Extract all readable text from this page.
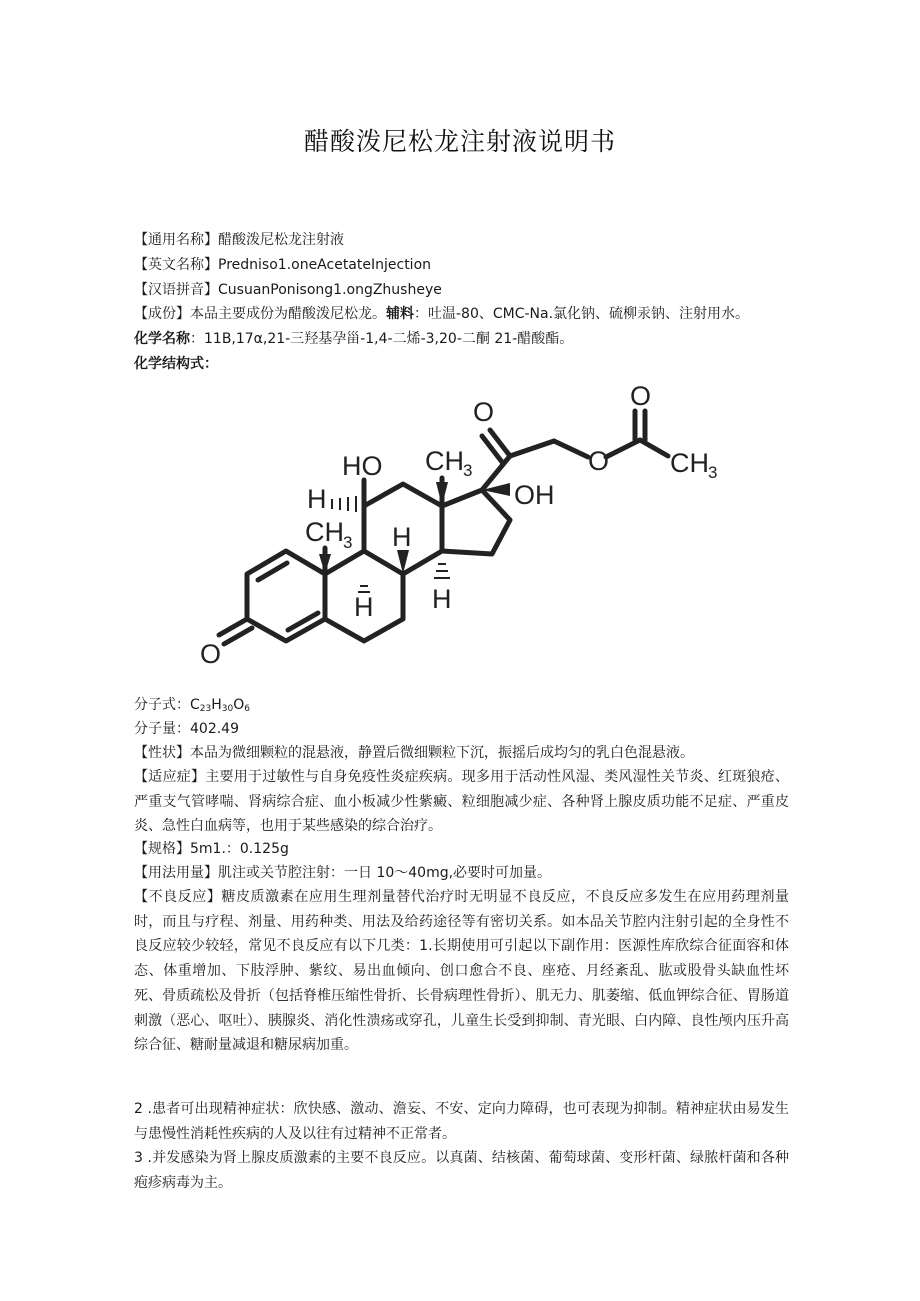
醋酸泼尼松龙注射液说明书
【通用名称】醋酸泼尼松龙注射液
【英文名称】Predniso1.oneAcetateInjection
【汉语拼音】CusuanPonisong1.ongZhusheye
【成份】本品主要成份为醋酸泼尼松龙。辅料：吐温-80、CMC-Na.氯化钠、硫柳汞钠、注射用水。
化学名称：11B,17α,21-三羟基孕甾-1,4-二烯-3,20-二酮 21-醋酸酯。
化学结构式：
O
O
O
O
CH 3
HO
H
CH 3
OH
CH 3 H
H H
分子式：$C_{23}H_{30}O_6$
分子量：402.49
【性状】本品为微细颗粒的混悬液，静置后微细颗粒下沉，振摇后成均匀的乳白色混悬液。
【适应症】主要用于过敏性与自身免疫性炎症疾病。现多用于活动性风湿、类风湿性关节炎、红斑狼疮、严重支气管哮喘、肾病综合症、血小板减少性紫癜、粒细胞减少症、各种肾上腺皮质功能不足症、严重皮炎、急性白血病等，也用于某些感染的综合治疗。
【规格】5m1.：0.125g
【用法用量】肌注或关节腔注射：一日 10～40mg,必要时可加量。
【不良反应】糖皮质激素在应用生理剂量替代治疗时无明显不良反应，不良反应多发生在应用药理剂量时，而且与疗程、剂量、用药种类、用法及给药途径等有密切关系。如本品关节腔内注射引起的全身性不良反应较少较轻，常见不良反应有以下几类：1.长期使用可引起以下副作用：医源性库欣综合征面容和体态、体重增加、下肢浮肿、紫纹、易出血倾向、创口愈合不良、座疮、月经紊乱、肱或股骨头缺血性坏死、骨质疏松及骨折（包括脊椎压缩性骨折、长骨病理性骨折）、肌无力、肌萎缩、低血钾综合征、胃肠道刺激（恶心、呕吐）、胰腺炎、消化性溃疡或穿孔，儿童生长受到抑制、青光眼、白内障、良性颅内压升高综合征、糖耐量减退和糖尿病加重。
2 .患者可出现精神症状：欣快感、激动、澹妄、不安、定向力障碍，也可表现为抑制。精神症状由易发生与患慢性消耗性疾病的人及以往有过精神不正常者。
3 .并发感染为肾上腺皮质激素的主要不良反应。以真菌、结核菌、葡萄球菌、变形杆菌、绿脓杆菌和各种疱疹病毒为主。
